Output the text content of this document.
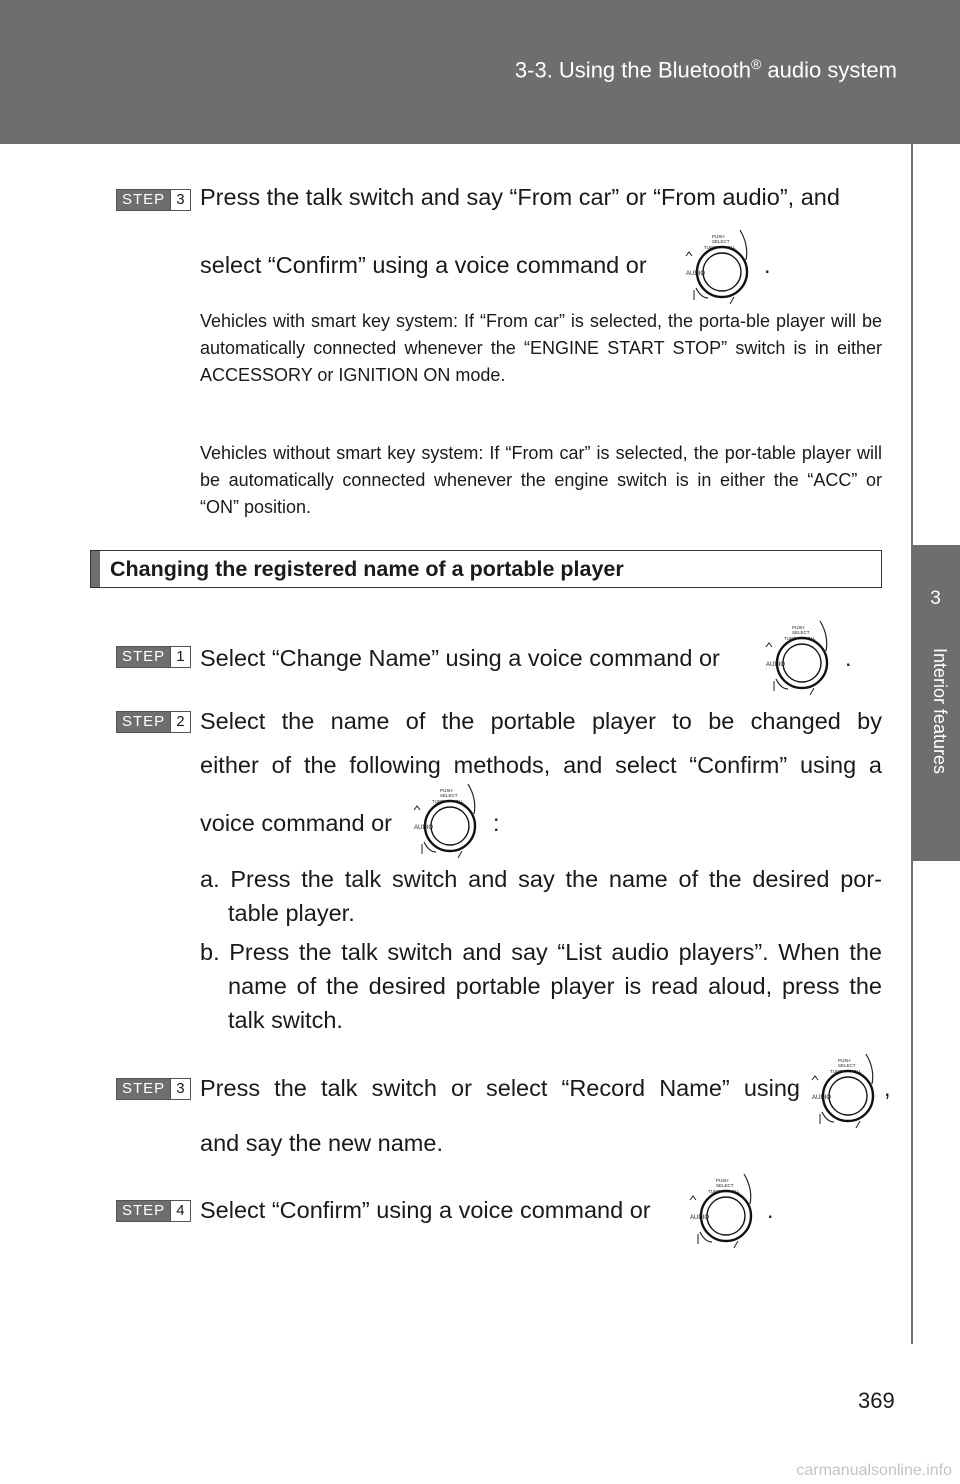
3-3. Using the Bluetooth® audio system
3
Interior features
STEP 3 Press the talk switch and say “From car” or “From audio”, and
select “Confirm” using a voice command or	.
Vehicles with smart key system: If “From car” is selected, the porta-ble player will be automatically connected whenever the “ENGINE START STOP” switch is in either ACCESSORY or IGNITION ON mode.
Vehicles without smart key system: If “From car” is selected, the por-table player will be automatically connected whenever the engine switch is in either the “ACC” or “ON” position.
Changing the registered name of a portable player
STEP 1 Select “Change Name” using a voice command or	.
STEP 2 Select the name of the portable player to be changed by
either of the following methods, and select “Confirm” using a
voice command or	:
a. Press the talk switch and say the name of the desired por-
table player.
b. Press the talk switch and say “List audio players”. When the
name of the desired portable player is read aloud, press the
talk switch.
STEP 3 Press the talk switch or select “Record Name” using	,
and say the new name.
STEP 4 Select “Confirm” using a voice command or	.
369
carmanualsonline.info
